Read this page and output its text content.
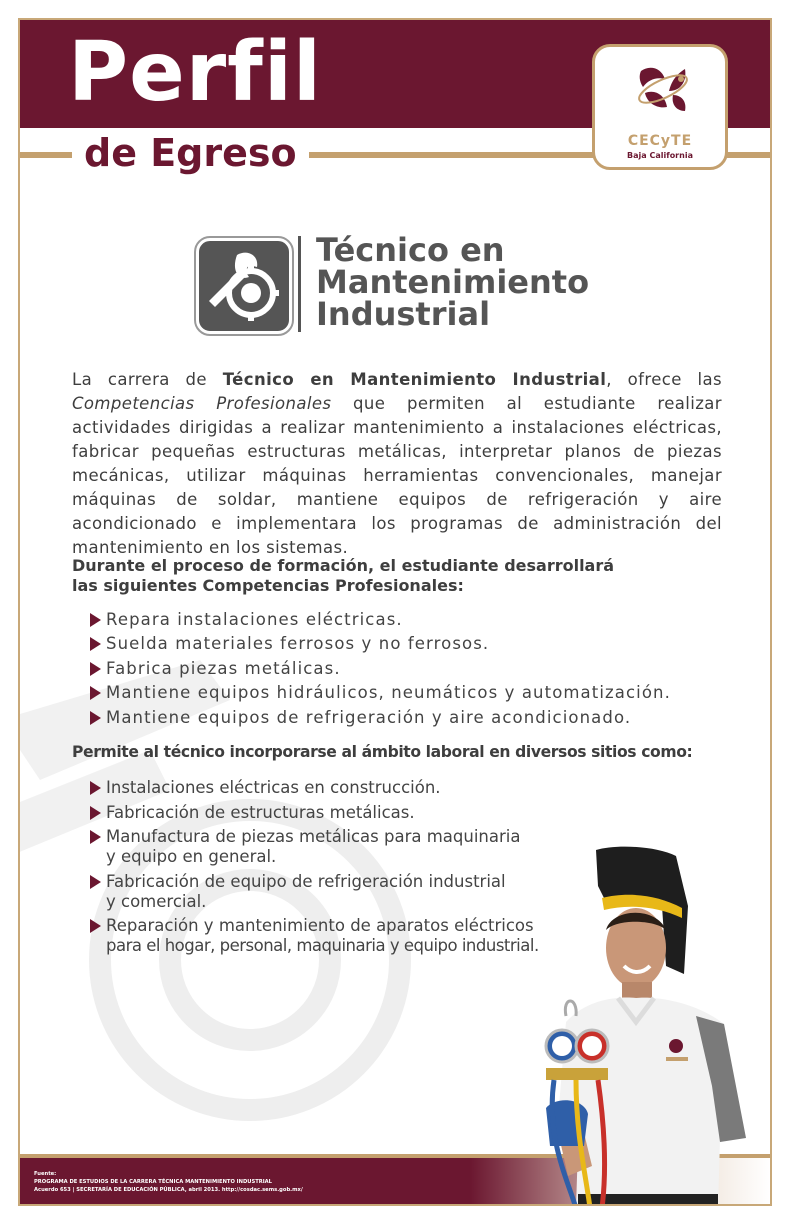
Perfil
de Egreso	CECyTE
Baja California
Técnico en
Mantenimiento
Industrial

La carrera de Técnico en Mantenimiento Industrial, ofrece las Competencias Profesionales que permiten al estudiante realizar actividades dirigidas a realizar mantenimiento a instalaciones eléctricas, fabricar pequeñas estructuras metálicas, interpretar planos de piezas mecánicas, utilizar máquinas herramientas convencionales, manejar máquinas de soldar, mantiene equipos de refrigeración y aire acondicionado e implementara los programas de administración del mantenimiento en los sistemas.

Durante el proceso de formación, el estudiante desarrollará
las siguientes Competencias Profesionales:
Repara instalaciones eléctricas.
Suelda materiales ferrosos y no ferrosos.
Fabrica piezas metálicas.
Mantiene equipos hidráulicos, neumáticos y automatización.
Mantiene equipos de refrigeración y aire acondicionado.
Permite al técnico incorporarse al ámbito laboral en diversos sitios como:
Instalaciones eléctricas en construcción.
Fabricación de estructuras metálicas.
Manufactura de piezas metálicas para maquinaria
y equipo en general.
Fabricación de equipo de refrigeración industrial
y comercial.
Reparación y mantenimiento de aparatos eléctricos
para el hogar, personal, maquinaria y equipo industrial.
Fuente:
PROGRAMA DE ESTUDIOS DE LA CARRERA TÉCNICA MANTENIMIENTO INDUSTRIAL
Acuerdo 653 | SECRETARÍA DE EDUCACIÓN PÚBLICA, abril 2013. http://cosdac.sems.gob.mx/
